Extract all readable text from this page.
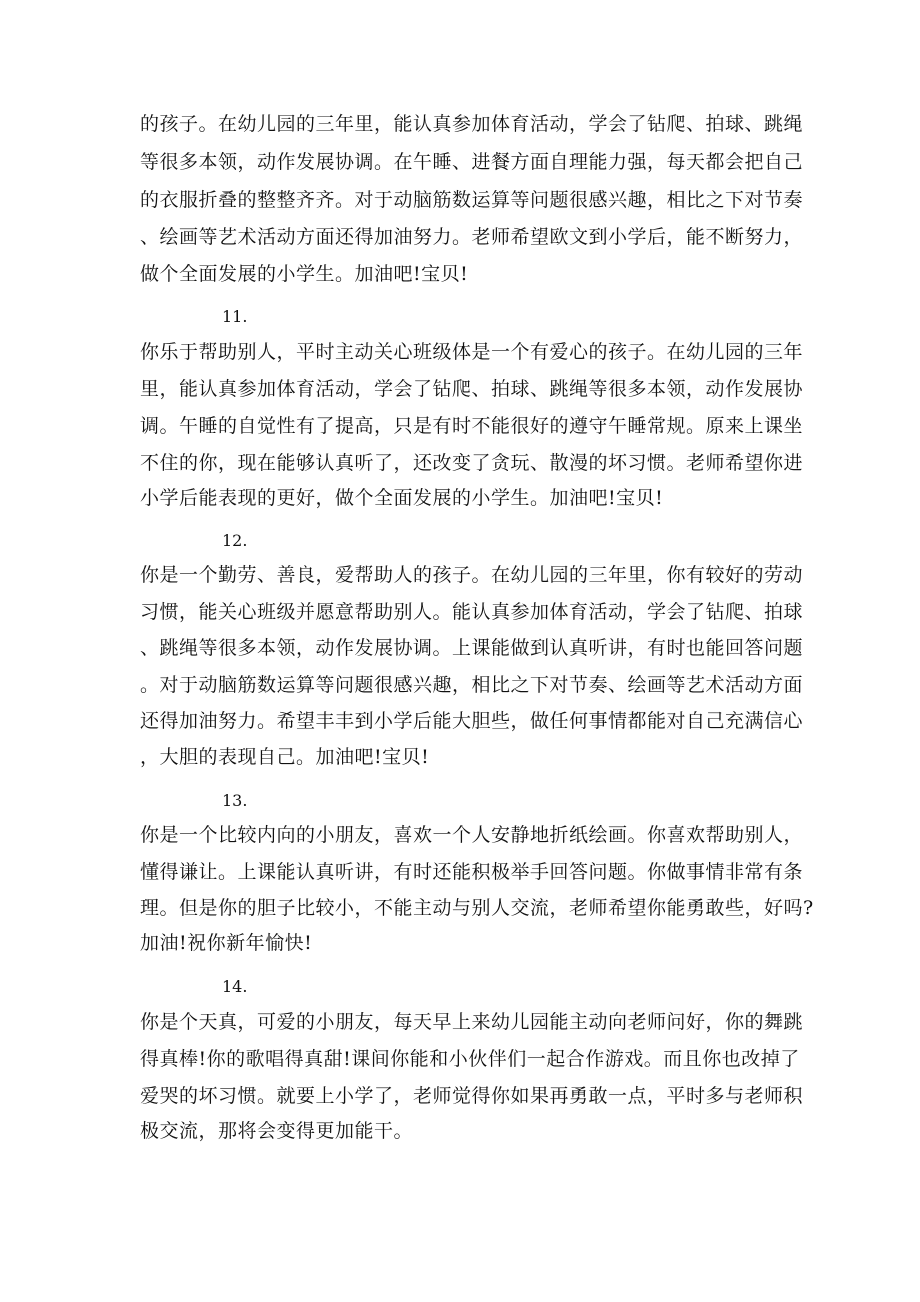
的孩子。在幼儿园的三年里，能认真参加体育活动，学会了钻爬、拍球、跳绳
等很多本领，动作发展协调。在午睡、进餐方面自理能力强，每天都会把自己
的衣服折叠的整整齐齐。对于动脑筋数运算等问题很感兴趣，相比之下对节奏
、绘画等艺术活动方面还得加油努力。老师希望欧文到小学后，能不断努力，
做个全面发展的小学生。加油吧!宝贝!
11.
你乐于帮助别人，平时主动关心班级体是一个有爱心的孩子。在幼儿园的三年
里，能认真参加体育活动，学会了钻爬、拍球、跳绳等很多本领，动作发展协
调。午睡的自觉性有了提高，只是有时不能很好的遵守午睡常规。原来上课坐
不住的你，现在能够认真听了，还改变了贪玩、散漫的坏习惯。老师希望你进
小学后能表现的更好，做个全面发展的小学生。加油吧!宝贝!
12.
你是一个勤劳、善良，爱帮助人的孩子。在幼儿园的三年里，你有较好的劳动
习惯，能关心班级并愿意帮助别人。能认真参加体育活动，学会了钻爬、拍球
、跳绳等很多本领，动作发展协调。上课能做到认真听讲，有时也能回答问题
。对于动脑筋数运算等问题很感兴趣，相比之下对节奏、绘画等艺术活动方面
还得加油努力。希望丰丰到小学后能大胆些，做任何事情都能对自己充满信心
，大胆的表现自己。加油吧!宝贝!
13.
你是一个比较内向的小朋友，喜欢一个人安静地折纸绘画。你喜欢帮助别人，
懂得谦让。上课能认真听讲，有时还能积极举手回答问题。你做事情非常有条
理。但是你的胆子比较小，不能主动与别人交流，老师希望你能勇敢些，好吗?
加油!祝你新年愉快!
14.
你是个天真，可爱的小朋友，每天早上来幼儿园能主动向老师问好，你的舞跳
得真棒!你的歌唱得真甜!课间你能和小伙伴们一起合作游戏。而且你也改掉了
爱哭的坏习惯。就要上小学了，老师觉得你如果再勇敢一点，平时多与老师积
极交流，那将会变得更加能干。
